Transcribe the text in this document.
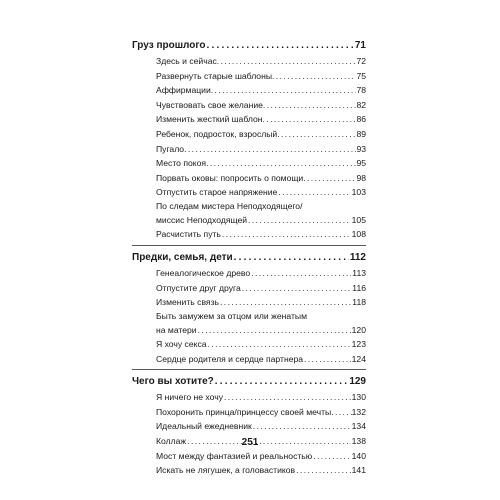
Груз прошлого .....	71
Здесь и сейчас .....	72
Развернуть старые шаблоны .....	75
Аффирмации .....	78
Чувствовать свое желание .....	82
Изменить жесткий шаблон .....	86
Ребенок, подросток, взрослый .....	89
Пугало .....	93
Место покоя .....	95
Порвать оковы: попросить о помощи .....	98
Отпустить старое напряжение .....	103
По следам мистера Неподходящего/
миссис Неподходящей .....	105
Расчистить путь .....	108
Предки, семья, дети .....	112
Генеалогическое древо .....	113
Отпустите друг друга .....	116
Изменить связь .....	118
Быть замужем за отцом или женатым
на матери .....	120
Я хочу секса .....	123
Сердце родителя и сердце партнера .....	124
Чего вы хотите? .....	129
Я ничего не хочу .....	130
Похоронить принца/принцессу своей мечты ..... 132
Идеальный ежедневник .....	134
Коллаж .....	138
Мост между фантазией и реальностью .....	140
Искать не лягушек, а головастиков .....	141
251
